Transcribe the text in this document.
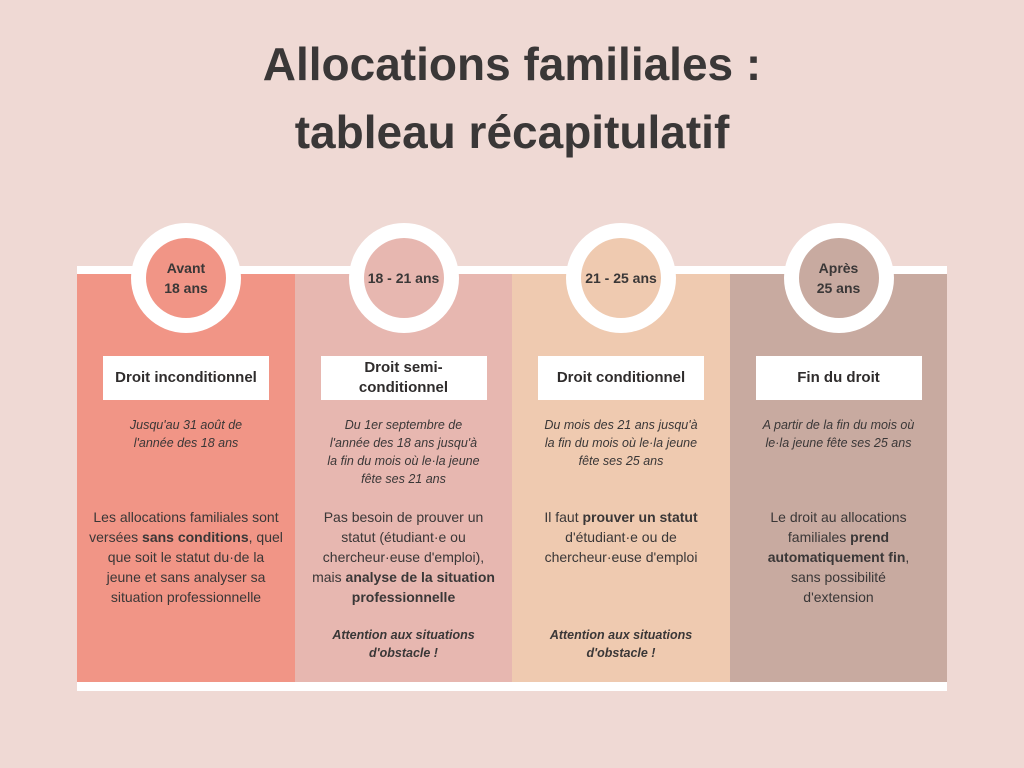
Allocations familiales :
tableau récapitulatif
Avant
18 ans
Droit inconditionnel
Jusqu'au 31 août de
l'année des 18 ans
Les allocations familiales sont
versées sans conditions, quel
que soit le statut du·de la
jeune et sans analyser sa
situation professionnelle
18 - 21 ans
Droit semi-
conditionnel
Du 1er septembre de
l'année des 18 ans jusqu'à
la fin du mois où le·la jeune
fête ses 21 ans
Pas besoin de prouver un
statut (étudiant·e ou
chercheur·euse d'emploi),
mais analyse de la situation
professionnelle
Attention aux situations
d'obstacle !
21 - 25 ans
Droit conditionnel
Du mois des 21 ans jusqu'à
la fin du mois où le·la jeune
fête ses 25 ans
Il faut prouver un statut
d'étudiant·e ou de
chercheur·euse d'emploi
Attention aux situations
d'obstacle !
Après
25 ans
Fin du droit
A partir de la fin du mois où
le·la jeune fête ses 25 ans
Le droit au allocations
familiales prend
automatiquement fin,
sans possibilité
d'extension
